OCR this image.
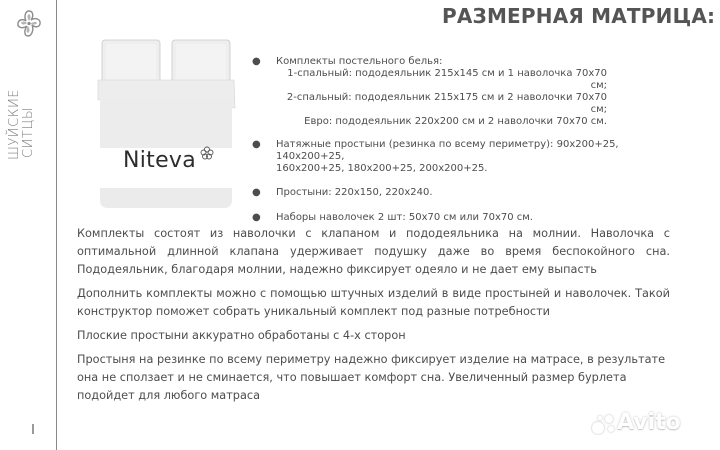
ШУЙСКИЕ СИТЦЫ
РАЗМЕРНАЯ МАТРИЦА:
Niteva
● Комплекты постельного белья:
1-спальный: пододеяльник 215х145 см и 1 наволочка 70х70 см;
2-спальный: пододеяльник 215х175 см и 2 наволочки 70х70 см;
Евро: пододеяльник 220х200 см и 2 наволочки 70х70 см.
● Натяжные простыни (резинка по всему периметру): 90х200+25, 140х200+25,
160х200+25, 180х200+25, 200х200+25.
● Простыни: 220х150, 220х240.
● Наборы наволочек 2 шт: 50х70 см или 70х70 см.

Комплекты состоят из наволочки с клапаном и пододеяльника на молнии. Наволочка с оптимальной длинной клапана удерживает подушку даже во время беспокойного сна. Пододеяльник, благодаря молнии, надежно фиксирует одеяло и не дает ему выпасть

Дополнить комплекты можно с помощью штучных изделий в виде простыней и наволочек. Такой конструктор поможет собрать уникальный комплект под разные потребности

Плоские простыни аккуратно обработаны с 4-х сторон

Простыня на резинке по всему периметру надежно фиксирует изделие на матрасе, в результате она не сползает и не сминается, что повышает комфорт сна. Увеличенный размер бурлета подойдет для любого матраса

Avito
